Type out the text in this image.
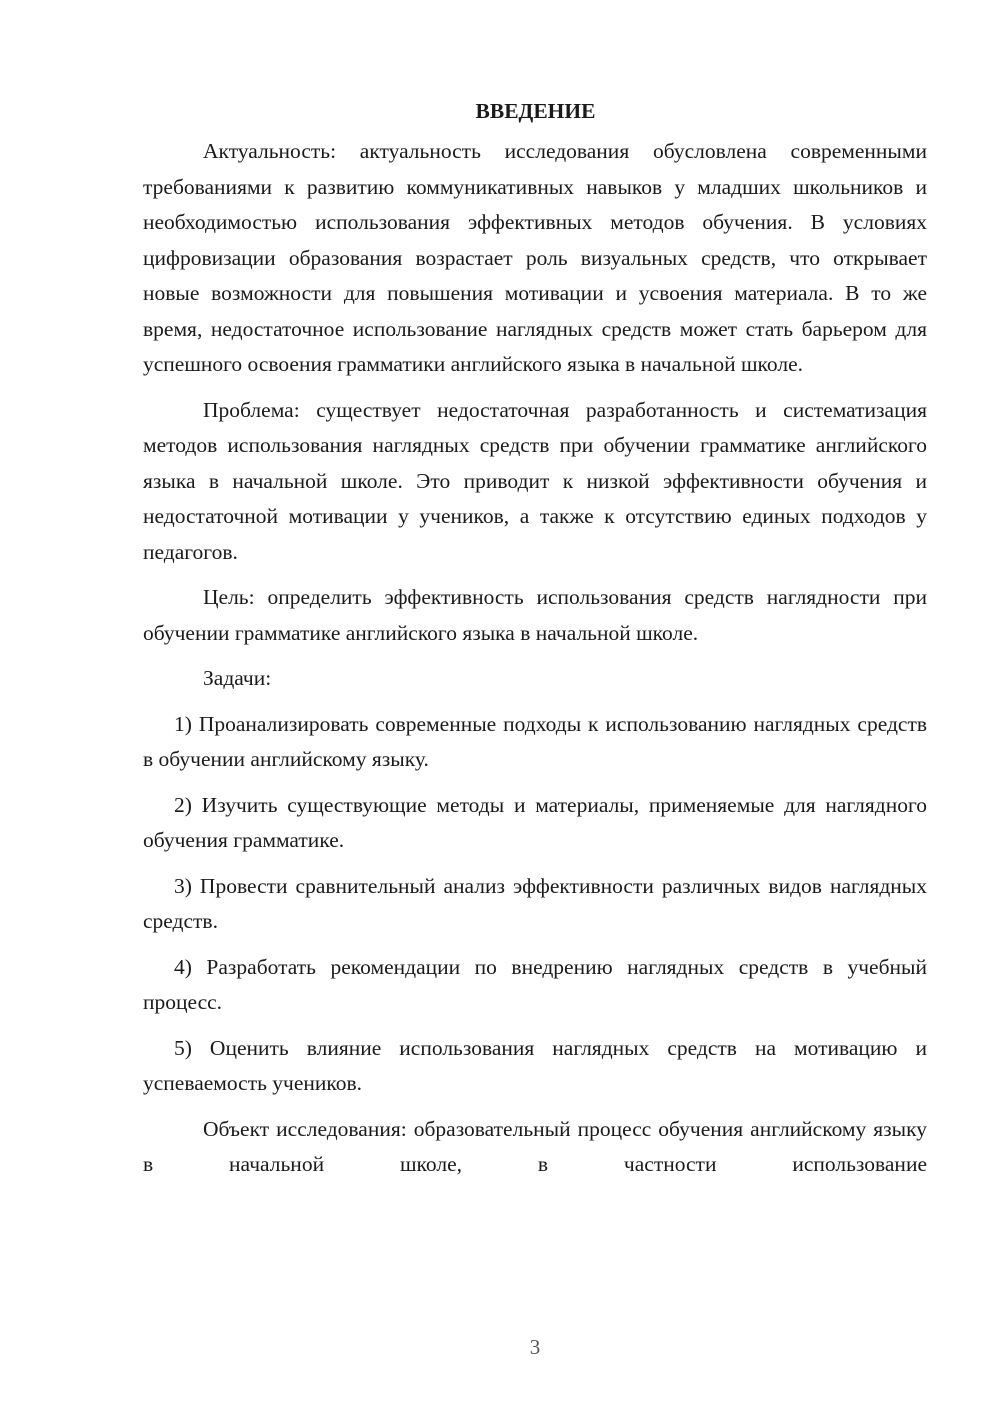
ВВЕДЕНИЕ

Актуальность: актуальность исследования обусловлена современными требованиями к развитию коммуникативных навыков у младших школьников и необходимостью использования эффективных методов обучения. В условиях цифровизации образования возрастает роль визуальных средств, что открывает новые возможности для повышения мотивации и усвоения материала. В то же время, недостаточное использование наглядных средств может стать барьером для успешного освоения грамматики английского языка в начальной школе.

Проблема: существует недостаточная разработанность и систематизация методов использования наглядных средств при обучении грамматике английского языка в начальной школе. Это приводит к низкой эффективности обучения и недостаточной мотивации у учеников, а также к отсутствию единых подходов у педагогов.

Цель: определить эффективность использования средств наглядности при обучении грамматике английского языка в начальной школе.

Задачи:

1) Проанализировать современные подходы к использованию наглядных средств в обучении английскому языку.

2) Изучить существующие методы и материалы, применяемые для наглядного обучения грамматике.

3) Провести сравнительный анализ эффективности различных видов наглядных средств.

4) Разработать рекомендации по внедрению наглядных средств в учебный процесс.

5) Оценить влияние использования наглядных средств на мотивацию и успеваемость учеников.

Объект исследования: образовательный процесс обучения английскому языку в начальной школе, в частности использование

3
